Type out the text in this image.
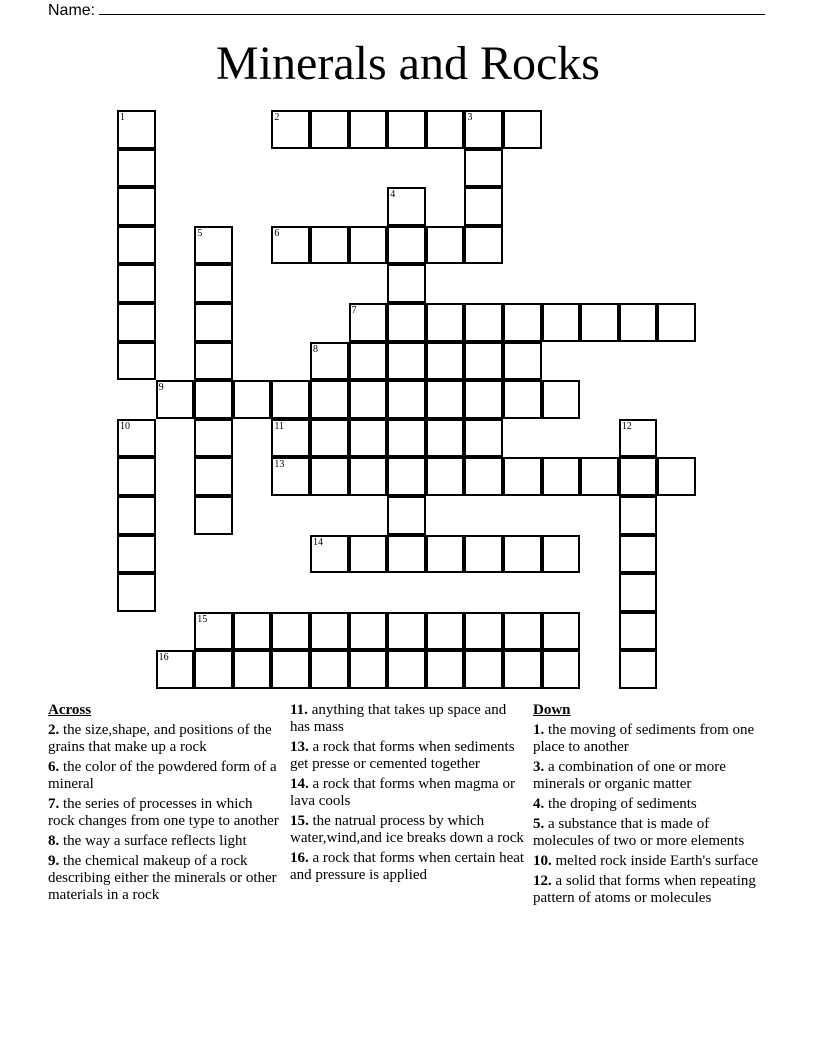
Name:
Minerals and Rocks
1	2	3
4
5	6
7
8
9
10	11	12
13
14
15
16
Across
2. the size,shape, and positions of the grains that make up a rock
6. the color of the powdered form of a mineral
7. the series of processes in which rock changes from one type to another
8. the way a surface reflects light
9. the chemical makeup of a rock describing either the minerals or other materials in a rock
11. anything that takes up space and has mass
13. a rock that forms when sediments get presse or cemented together
14. a rock that forms when magma or lava cools
15. the natrual process by which water,wind,and ice breaks down a rock
16. a rock that forms when certain heat and pressure is applied
Down
1. the moving of sediments from one place to another
3. a combination of one or more minerals or organic matter
4. the droping of sediments
5. a substance that is made of molecules of two or more elements
10. melted rock inside Earth's surface
12. a solid that forms when repeating pattern of atoms or molecules
